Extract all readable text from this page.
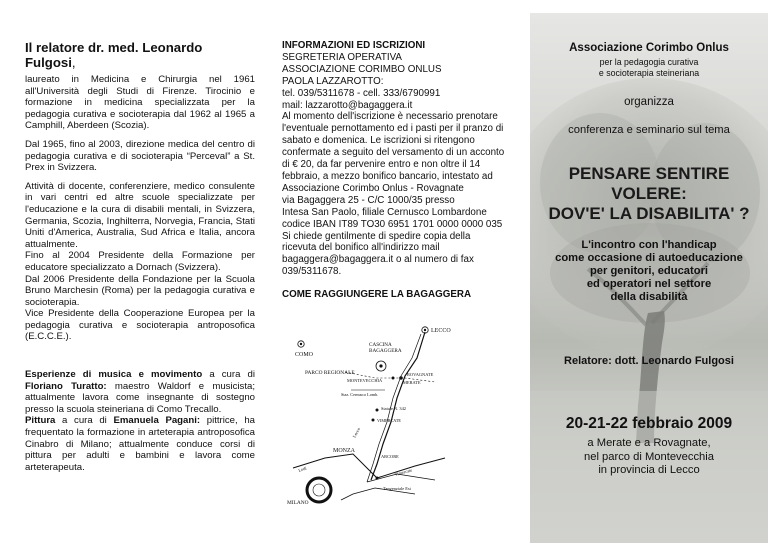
Il relatore dr. med. Leonardo Fulgosi,

laureato in Medicina e Chirurgia nel 1961 all'Università degli Studi di Firenze. Tirocinio e formazione in medicina specializzata per la pedagogia curativa e socioterapia dal 1962 al 1965 a Camphill, Aberdeen (Scozia).

Dal 1965, fino al 2003, direzione medica del centro di pedagogia curativa e di socioterapia “Perceval” a St. Prex in Svizzera.

Attività di docente, conferenziere, medico consulente in vari centri ed altre scuole specializzate per l'educazione e la cura di disabili mentali, in Svizzera, Germania, Scozia, Inghilterra, Norvegia, Francia, Stati Uniti d'America, Australia, Sud Africa e Italia, ancora attualmente.

Fino al 2004 Presidente della Formazione per educatore specializzato a Dornach (Svizzera).

Dal 2006 Presidente della Fondazione per la Scuola Bruno Marchesin (Roma) per la pedagogia curativa e socioterapia.

Vice Presidente della Cooperazione Europea per la pedagogia curativa e socioterapia antroposofica (E.C.C.E.).

Esperienze di musica e movimento a cura di Floriano Turatto: maestro Waldorf e musicista; attualmente lavora come insegnante di sostegno presso la scuola steineriana di Como Trecallo.

Pittura a cura di Emanuela Pagani: pittrice, ha frequentato la formazione in arteterapia antroposofica Cinabro di Milano; attualmente conduce corsi di pittura per adulti e bambini e lavora come arteterapeuta.

INFORMAZIONI ED ISCRIZIONI
SEGRETERIA OPERATIVA
ASSOCIAZIONE CORIMBO ONLUS
PAOLA LAZZAROTTO:
tel. 039/5311678 - cell. 333/6790991
mail: lazzarotto@bagaggera.it
Al momento dell'iscrizione è necessario prenotare
l'eventuale pernottamento ed i pasti per il pranzo di
sabato e domenica. Le iscrizioni si ritengono
confermate a seguito del versamento di un acconto
di € 20, da far pervenire entro e non oltre il 14
febbraio, a mezzo bonifico bancario, intestato ad
Associazione Corimbo Onlus - Rovagnate
via Bagaggera 25 - C/C 1000/35 presso
Intesa San Paolo, filiale Cernusco Lombardone
codice IBAN IT89 TO30 6951 1701 0000 0000 035
Si chiede gentilmente di spedire copia della
ricevuta del bonifico all'indirizzo mail
bagaggera@bagaggera.it o al numero di fax
039/5311678.
COME RAGGIUNGERE LA BAGAGGERA
LECCO
COMO
CASCINA
BAGAGGERA
PARCO REGIONALE	ROVAGNATE
MERATE
MONTEVECCHIA
Staz. Cernusco Lomb.
Statale N. 342
VIMERCATE
MONZA
ARCORE
Tangenziale Est
MILANO
Lecco
Vimercate
Lodi
Associazione Corimbo Onlus
per la pedagogia curativa
e socioterapia steineriana
organizza
conferenza e seminario sul tema
PENSARE SENTIRE
VOLERE:
DOV'E' LA DISABILITA' ?
L'incontro con l'handicap
come occasione di autoeducazione
per genitori, educatori
ed operatori nel settore
della disabilità
Relatore: dott. Leonardo Fulgosi
20-21-22 febbraio 2009
a Merate e a Rovagnate,
nel parco di Montevecchia
in provincia di Lecco
